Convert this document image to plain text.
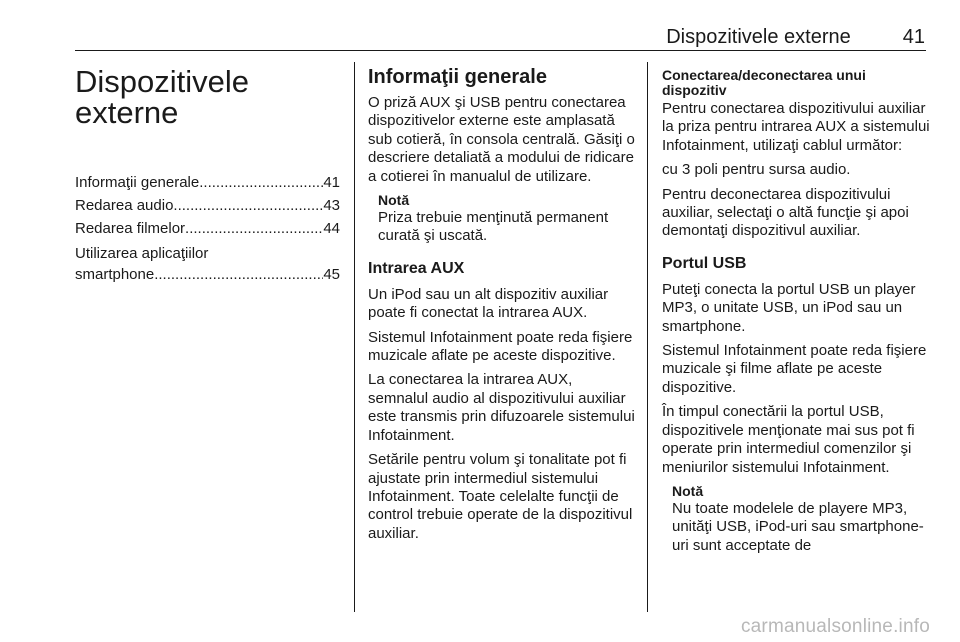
Dispozitivele externe	41
Dispozitivele
externe
Informaţii generale .....	41
Redarea audio .....	43
Redarea filmelor .....	44
Utilizarea aplicaţiilor
smartphone .....	45
Informaţii generale

O priză AUX şi USB pentru conectarea dispozitivelor externe este amplasată sub cotieră, în consola centrală. Găsiţi o descriere detaliată a modului de ridicare a cotierei în manualul de utilizare.

Notă

Priza trebuie menţinută permanent curată şi uscată.

Intrarea AUX

Un iPod sau un alt dispozitiv auxiliar poate fi conectat la intrarea AUX.

Sistemul Infotainment poate reda fişiere muzicale aflate pe aceste dispozitive.

La conectarea la intrarea AUX, semnalul audio al dispozitivului auxiliar este transmis prin difuzoarele sistemului Infotainment.

Setările pentru volum şi tonalitate pot fi ajustate prin intermediul sistemului Infotainment. Toate celelalte funcţii de control trebuie operate de la dispozitivul auxiliar.

Conectarea/deconectarea unui dispozitiv

Pentru conectarea dispozitivului auxiliar la priza pentru intrarea AUX a sistemului Infotainment, utilizaţi cablul următor:

cu 3 poli pentru sursa audio.

Pentru deconectarea dispozitivului auxiliar, selectaţi o altă funcţie şi apoi demontaţi dispozitivul auxiliar.

Portul USB

Puteţi conecta la portul USB un player MP3, o unitate USB, un iPod sau un smartphone.

Sistemul Infotainment poate reda fişiere muzicale şi filme aflate pe aceste dispozitive.

În timpul conectării la portul USB, dispozitivele menţionate mai sus pot fi operate prin intermediul comenzilor şi meniurilor sistemului Infotainment.

Notă

Nu toate modelele de playere MP3, unităţi USB, iPod-uri sau smartphone-uri sunt acceptate de

carmanualsonline.info
